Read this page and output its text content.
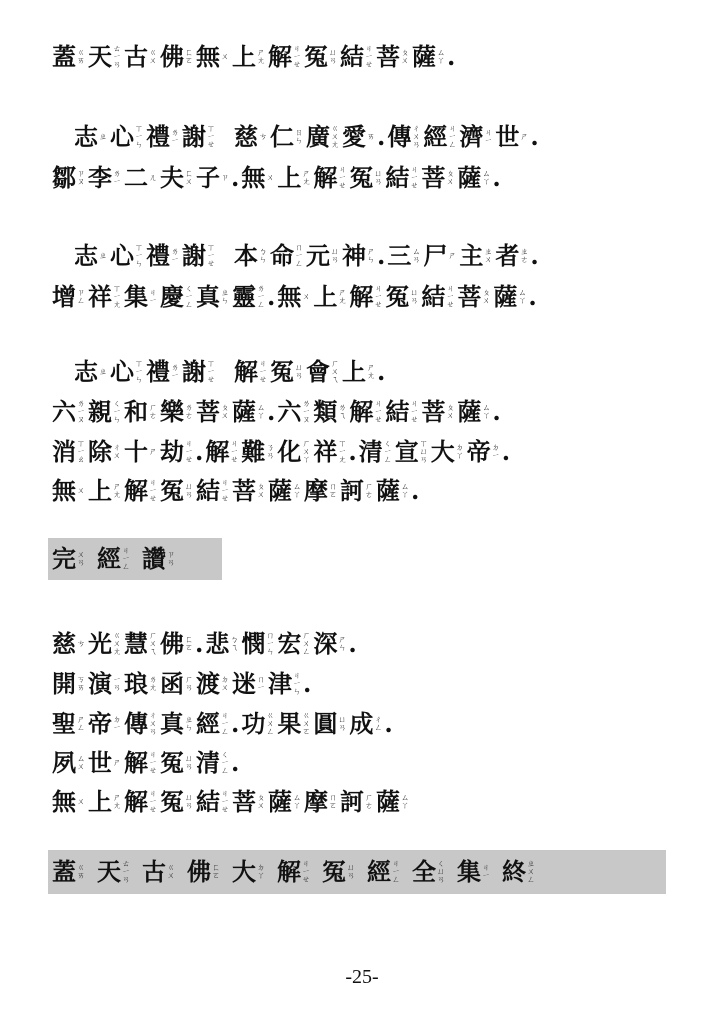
蓋 ㄍ
ㄞ 天 ㄊ
ㄧ
ㄢ 古 ㄍ
ㄨ 佛 ㄈ
ㄛ 無 ㄨ 上 ㄕ
ㄤ 解 ㄐ
ㄧ
ㄝ 冤 ㄩ
ㄢ 結 ㄐ
ㄧ
ㄝ 菩 ㄆ
ㄨ 薩 ㄙ
ㄚ .
志 ㄓ 心 ㄒ
ㄧ
ㄣ 禮 ㄌ
ㄧ 謝 ㄒ
ㄧ
ㄝ 慈 ㄘ 仁 ㄖ
ㄣ 廣 ㄍ
ㄨ
ㄤ 愛 ㄞ . 傳 ㄔ
ㄨ
ㄢ 經 ㄐ
ㄧ
ㄥ 濟 ㄐ
ㄧ 世 ㄕ .
鄒 ㄗ
ㄡ 李 ㄌ
ㄧ 二 ㄦ 夫 ㄈ
ㄨ 子 ㄗ . 無 ㄨ 上 ㄕ
ㄤ 解 ㄐ
ㄧ
ㄝ 冤 ㄩ
ㄢ 結 ㄐ
ㄧ
ㄝ 菩 ㄆ
ㄨ 薩 ㄙ
ㄚ .
志 ㄓ 心 ㄒ
ㄧ
ㄣ 禮 ㄌ
ㄧ 謝 ㄒ
ㄧ
ㄝ 本 ㄅ
ㄣ 命 ㄇ
ㄧ
ㄥ 元 ㄩ
ㄢ 神 ㄕ
ㄣ . 三 ㄙ
ㄢ 尸 ㄕ 主 ㄓ
ㄨ 者 ㄓ
ㄜ .
增 ㄗ
ㄥ 祥 ㄒ
ㄧ
ㄤ 集 ㄐ
ㄧ 慶 ㄑ
ㄧ
ㄥ 真 ㄓ
ㄣ 靈 ㄌ
ㄧ
ㄥ . 無 ㄨ 上 ㄕ
ㄤ 解 ㄐ
ㄧ
ㄝ 冤 ㄩ
ㄢ 結 ㄐ
ㄧ
ㄝ 菩 ㄆ
ㄨ 薩 ㄙ
ㄚ .
志 ㄓ 心 ㄒ
ㄧ
ㄣ 禮 ㄌ
ㄧ 謝 ㄒ
ㄧ
ㄝ 解 ㄐ
ㄧ
ㄝ 冤 ㄩ
ㄢ 會 ㄏ
ㄨ
ㄟ 上 ㄕ
ㄤ .
六 ㄌ
ㄧ
ㄡ 親 ㄑ
ㄧ
ㄣ 和 ㄏ
ㄜ 樂 ㄌ
ㄜ 菩 ㄆ
ㄨ 薩 ㄙ
ㄚ . 六 ㄌ
ㄧ
ㄡ 類 ㄌ
ㄟ 解 ㄐ
ㄧ
ㄝ 結 ㄐ
ㄧ
ㄝ 菩 ㄆ
ㄨ 薩 ㄙ
ㄚ .
消 ㄒ
ㄧ
ㄠ 除 ㄔ
ㄨ 十 ㄕ 劫 ㄐ
ㄧ
ㄝ . 解 ㄐ
ㄧ
ㄝ 難 ㄋ
ㄢ 化 ㄏ
ㄨ
ㄚ 祥 ㄒ
ㄧ
ㄤ . 清 ㄑ
ㄧ
ㄥ 宣 ㄒ
ㄩ
ㄢ 大 ㄉ
ㄚ 帝 ㄉ
ㄧ .
無 ㄨ 上 ㄕ
ㄤ 解 ㄐ
ㄧ
ㄝ 冤 ㄩ
ㄢ 結 ㄐ
ㄧ
ㄝ 菩 ㄆ
ㄨ 薩 ㄙ
ㄚ 摩 ㄇ
ㄛ 訶 ㄏ
ㄜ 薩 ㄙ
ㄚ .
完 ㄨ
ㄢ 經 ㄐ
ㄧ
ㄥ 讚 ㄗ
ㄢ
慈 ㄘ 光 ㄍ
ㄨ
ㄤ 慧 ㄏ
ㄨ
ㄟ 佛 ㄈ
ㄛ . 悲 ㄅ
ㄟ 憫 ㄇ
ㄧ
ㄣ 宏 ㄏ
ㄨ
ㄥ 深 ㄕ
ㄣ .
開 ㄎ
ㄞ 演 ㄧ
ㄢ 琅 ㄌ
ㄤ 函 ㄏ
ㄢ 渡 ㄉ
ㄨ 迷 ㄇ
ㄧ 津 ㄐ
ㄧ
ㄣ .
聖 ㄕ
ㄥ 帝 ㄉ
ㄧ 傳 ㄔ
ㄨ
ㄢ 真 ㄓ
ㄣ 經 ㄐ
ㄧ
ㄥ . 功 ㄍ
ㄨ
ㄥ 果 ㄍ
ㄨ
ㄛ 圓 ㄩ
ㄢ 成 ㄔ
ㄥ .
夙 ㄙ
ㄨ 世 ㄕ 解 ㄐ
ㄧ
ㄝ 冤 ㄩ
ㄢ 清 ㄑ
ㄧ
ㄥ .
無 ㄨ 上 ㄕ
ㄤ 解 ㄐ
ㄧ
ㄝ 冤 ㄩ
ㄢ 結 ㄐ
ㄧ
ㄝ 菩 ㄆ
ㄨ 薩 ㄙ
ㄚ 摩 ㄇ
ㄛ 訶 ㄏ
ㄜ 薩 ㄙ
ㄚ
蓋 ㄍ
ㄞ 天 ㄊ
ㄧ
ㄢ 古 ㄍ
ㄨ 佛 ㄈ
ㄛ 大 ㄉ
ㄚ 解 ㄐ
ㄧ
ㄝ 冤 ㄩ
ㄢ 經 ㄐ
ㄧ
ㄥ 全 ㄑ
ㄩ
ㄢ 集 ㄐ
ㄧ 終 ㄓ
ㄨ
ㄥ
-25-
